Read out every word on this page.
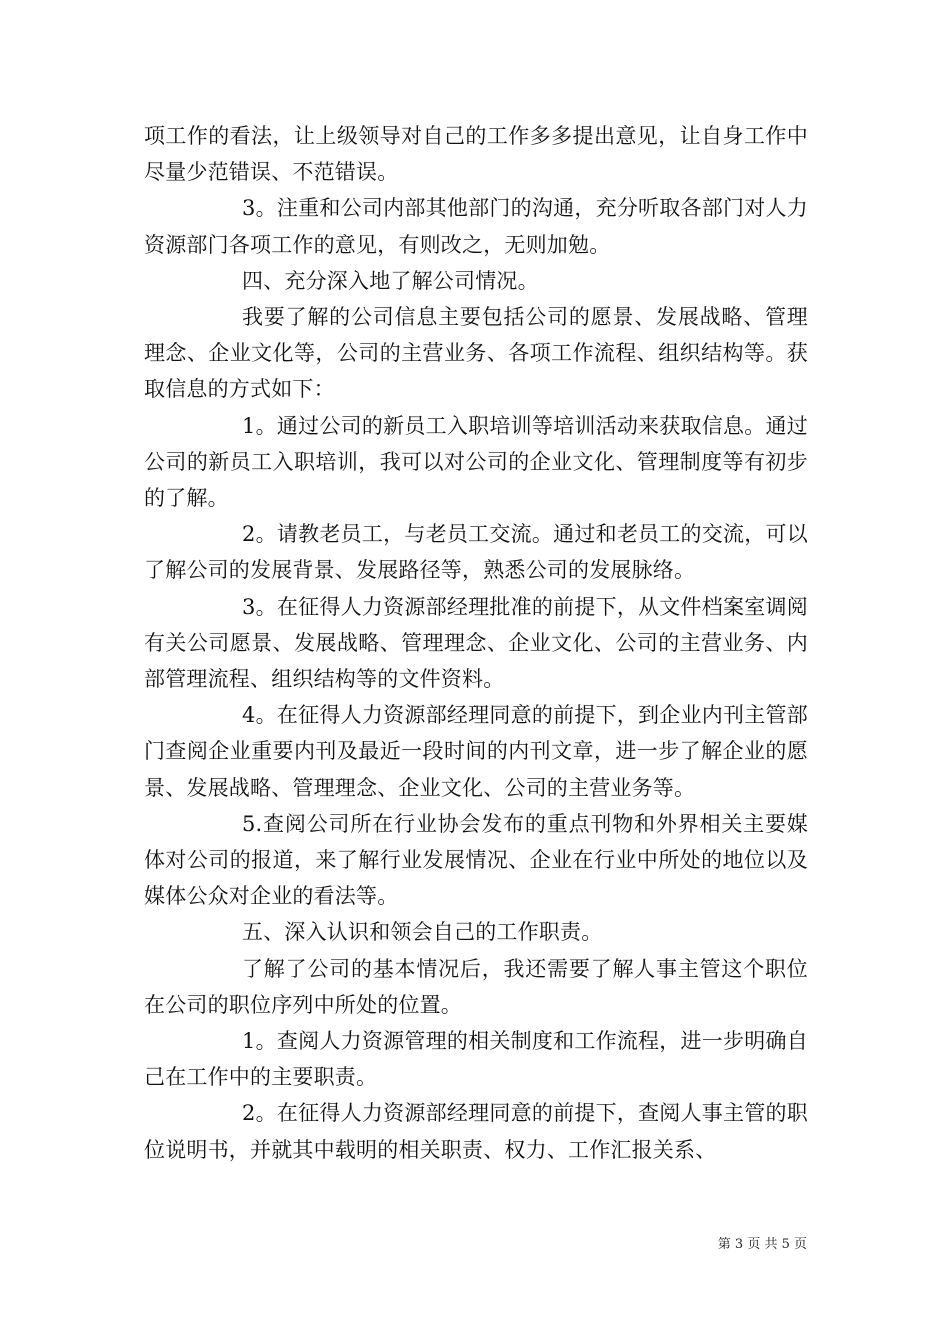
项工作的看法，让上级领导对自己的工作多多提出意见，让自身工作中尽量少范错误、不范错误。

3。注重和公司内部其他部门的沟通，充分听取各部门对人力资源部门各项工作的意见，有则改之，无则加勉。

四、充分深入地了解公司情况。

我要了解的公司信息主要包括公司的愿景、发展战略、管理理念、企业文化等，公司的主营业务、各项工作流程、组织结构等。获取信息的方式如下：

1。通过公司的新员工入职培训等培训活动来获取信息。通过公司的新员工入职培训，我可以对公司的企业文化、管理制度等有初步的了解。

2。请教老员工，与老员工交流。通过和老员工的交流，可以了解公司的发展背景、发展路径等，熟悉公司的发展脉络。

3。在征得人力资源部经理批准的前提下，从文件档案室调阅有关公司愿景、发展战略、管理理念、企业文化、公司的主营业务、内部管理流程、组织结构等的文件资料。

4。在征得人力资源部经理同意的前提下，到企业内刊主管部门查阅企业重要内刊及最近一段时间的内刊文章，进一步了解企业的愿景、发展战略、管理理念、企业文化、公司的主营业务等。

5.查阅公司所在行业协会发布的重点刊物和外界相关主要媒体对公司的报道，来了解行业发展情况、企业在行业中所处的地位以及媒体公众对企业的看法等。

五、深入认识和领会自己的工作职责。

了解了公司的基本情况后，我还需要了解人事主管这个职位在公司的职位序列中所处的位置。

1。查阅人力资源管理的相关制度和工作流程，进一步明确自己在工作中的主要职责。

2。在征得人力资源部经理同意的前提下，查阅人事主管的职位说明书，并就其中载明的相关职责、权力、工作汇报关系、

第 3 页 共 5 页
